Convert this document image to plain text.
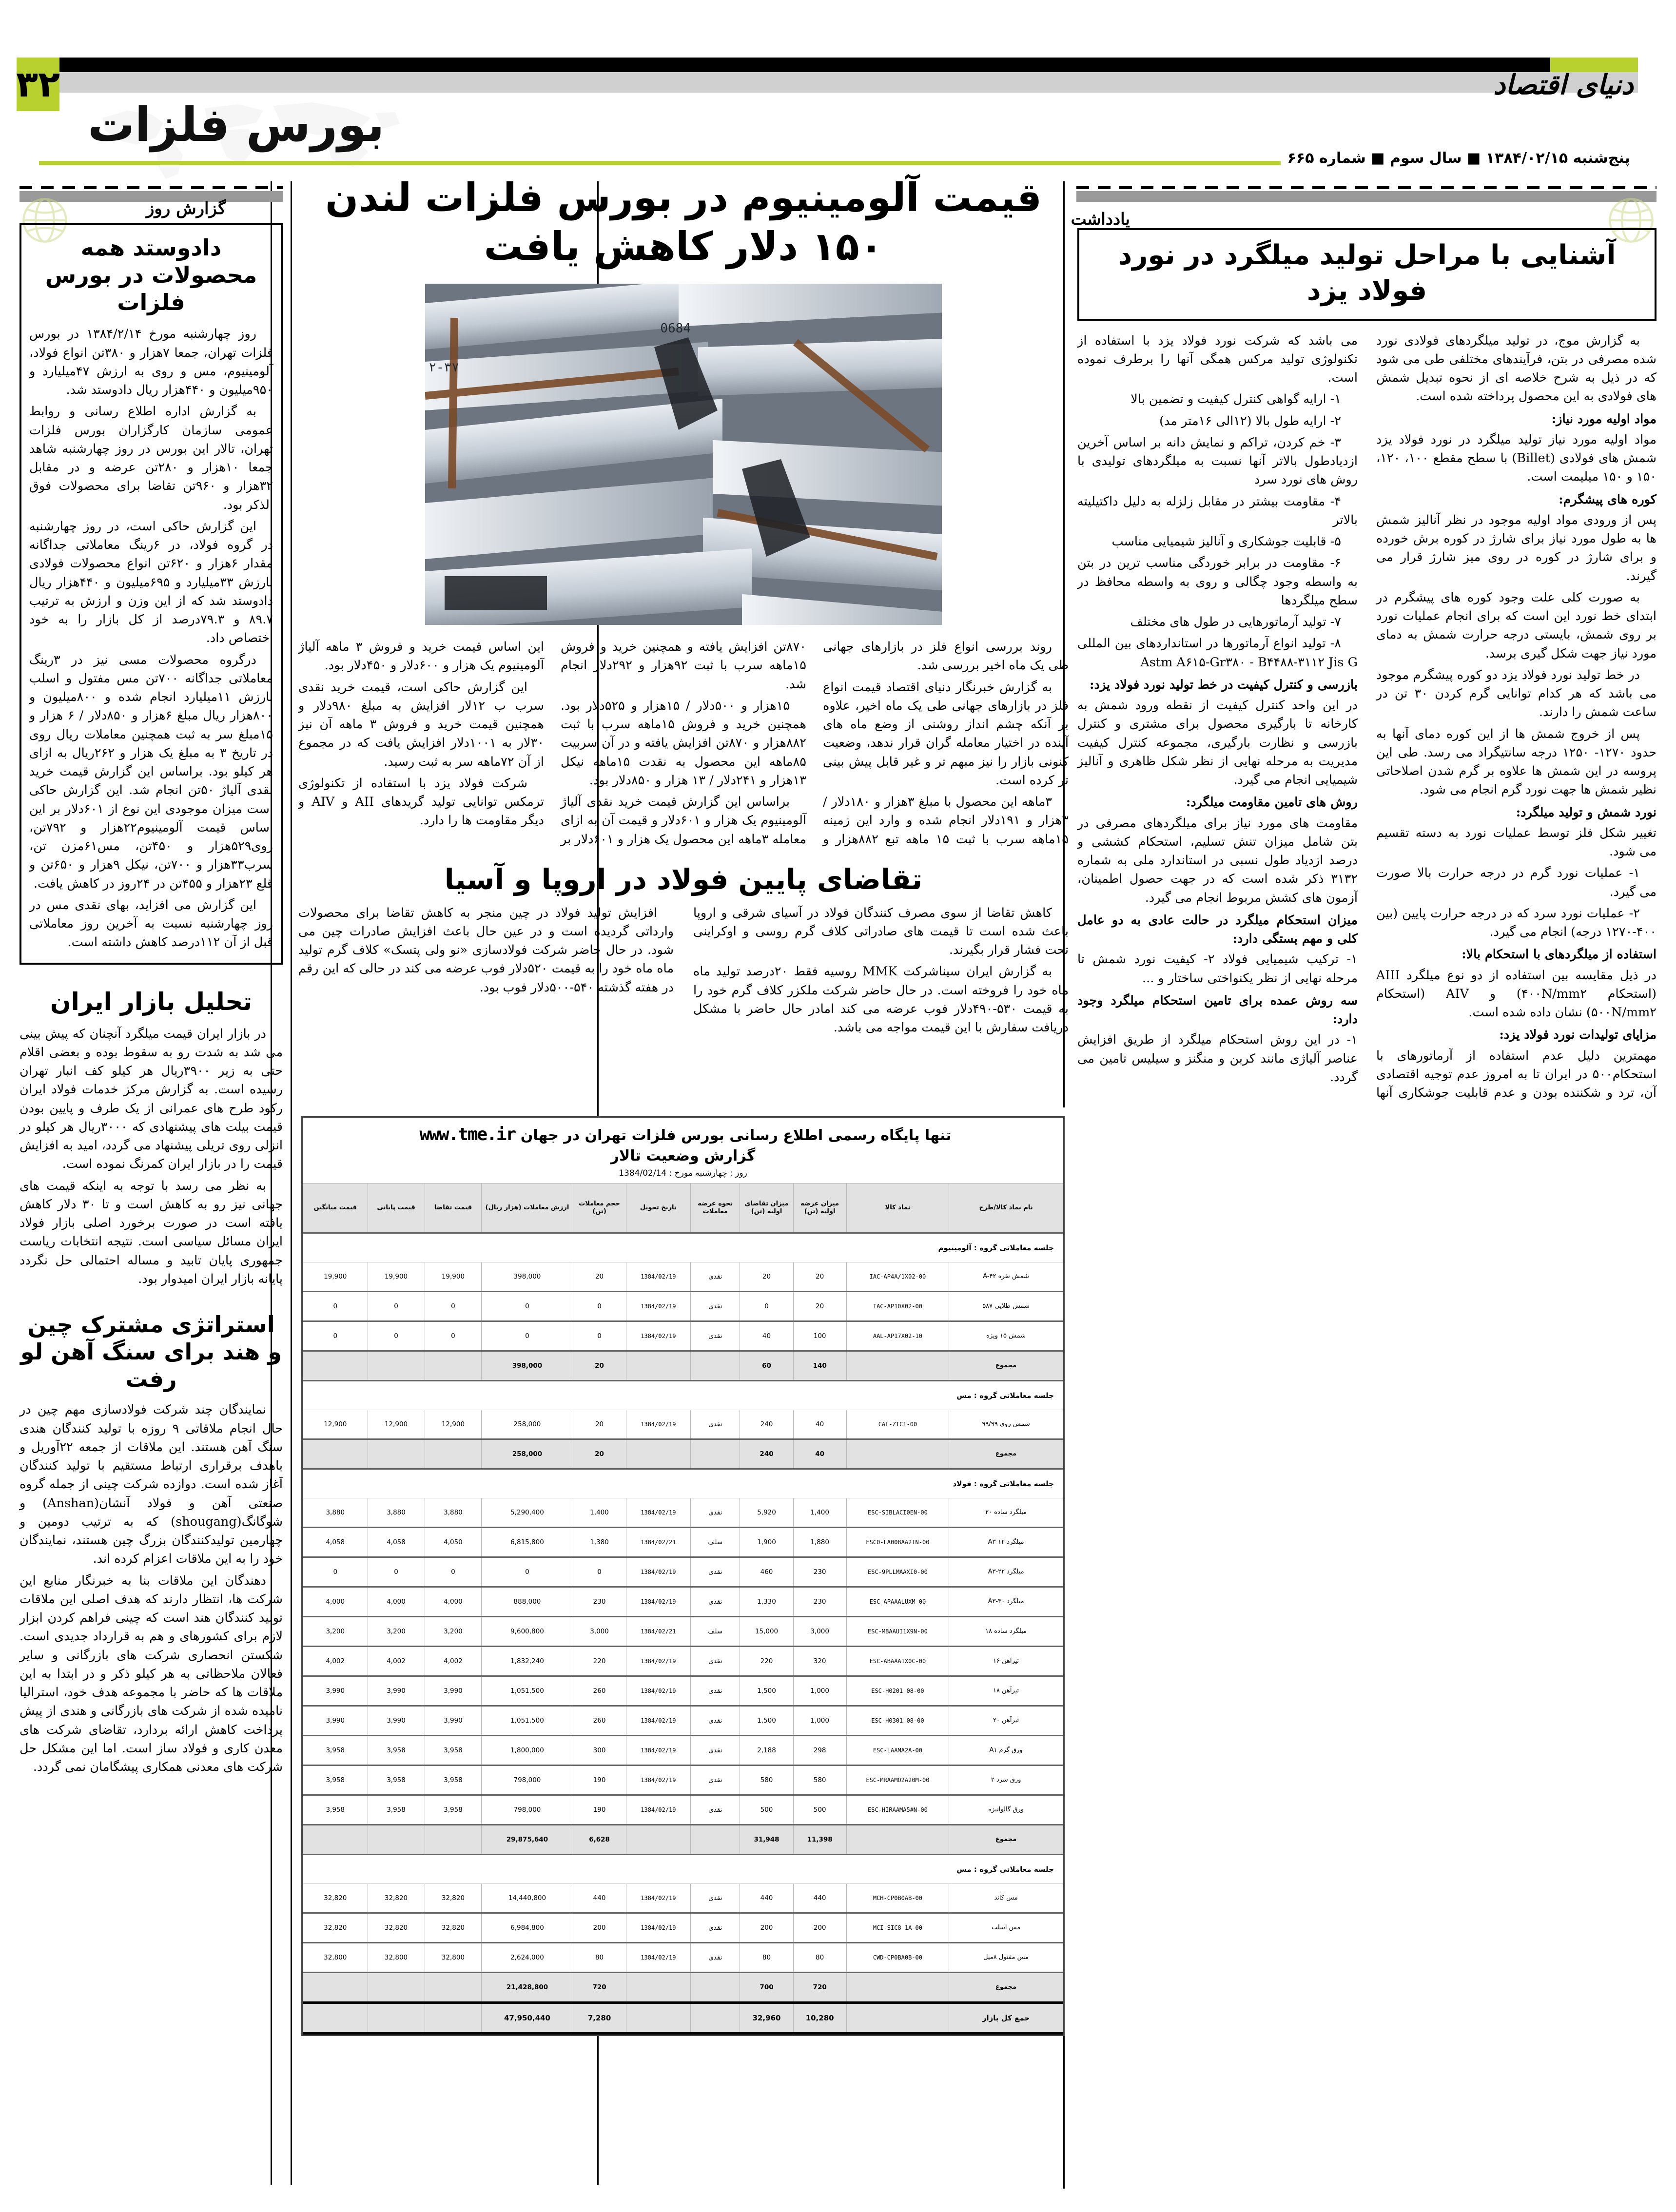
۳۲	دنیای اقتصاد
بورس فلزات
پنج‌شنبه ۱۳۸۴/۰۲/۱۵ ■ سال سوم ■ شماره ۶۶۵
گزارش روز
یادداشت
دادوستد همه محصولات در بورس فلزات

روز چهارشنبه مورخ ۱۳۸۴/۲/۱۴ در بورس فلزات تهران، جمعا ۷هزار و ۳۸۰تن انواع فولاد، آلومینیوم، مس و روی به ارزش ۴۷میلیارد و ۹۵۰میلیون و ۴۴۰هزار ریال دادوستد شد.

به گزارش اداره اطلاع رسانی و روابط عمومی سازمان کارگزاران بورس فلزات تهران، تالار این بورس در روز چهارشنبه شاهد جمعا ۱۰هزار و ۲۸۰تن عرضه و در مقابل ۳۲هزار و ۹۶۰تن تقاضا برای محصولات فوق الذکر بود.

این گزارش حاکی است، در روز چهارشنبه در گروه فولاد، در ۶رینگ معاملاتی جداگانه مقدار ۶هزار و ۶۲۰تن انواع محصولات فولادی بارزش ۳۳میلیارد و ۶۹۵میلیون و ۴۴۰هزار ریال دادوستد شد که از این وزن و ارزش به ترتیب ۸۹.۷ و ۷۹.۳درصد از کل بازار را به خود اختصاص داد.

درگروه محصولات مسی نیز در ۳رینگ معاملاتی جداگانه ۷۰۰تن مس مفتول و اسلب بارزش ۱۱میلیارد انجام شده و ۸۰۰میلیون و ۸۰۰هزار ریال مبلغ ۶هزار و ۸۵۰دلار / ۶ هزار و ۱۵مبلغ سر به ثبت همچنین معاملات ریال روی در تاریخ ۳ به مبلغ یک هزار و ۲۶۲ریال به ازای هر کیلو بود. براساس این گزارش قیمت خرید نقدی آلیاژ ۵۰تن انجام شد. این گزارش حاکی است میزان موجودی این نوع از ۶۰۱دلار بر این اساس قیمت آلومینیوم۲۲هزار و ۷۹۲تن، روی۵۲۹هزار و ۴۵۰تن، مس۶۱مزن تن، سرب۳۳هزار و ۷۰۰تن، نیکل ۹هزار و ۶۵۰تن و قلع ۲۳هزار و ۴۵۵تن در ۲۴روز در کاهش یافت.

این گزارش می افزاید، بهای نقدی مس در روز چهارشنبه نسبت به آخرین روز معاملاتی قبل از آن ۱۱۲درصد کاهش داشته است.

تحلیل بازار ایران

در بازار ایران قیمت میلگرد آنچنان که پیش بینی می شد به شدت رو به سقوط بوده و بعضی اقلام حتی به زیر ۳۹۰۰ریال هر کیلو کف انبار تهران رسیده است. به گزارش مرکز خدمات فولاد ایران رکود طرح های عمرانی از یک طرف و پایین بودن قیمت بیلت های پیشنهادی که ۳۰۰۰ریال هر کیلو در انزلی روی تریلی پیشنهاد می گردد، امید به افزایش قیمت را در بازار ایران کمرنگ نموده است.

به نظر می رسد با توجه به اینکه قیمت های جهانی نیز رو به کاهش است و تا ۳۰ دلار کاهش یافته است در صورت برخورد اصلی بازار فولاد ایران مسائل سیاسی است. نتیجه انتخابات ریاست جمهوری پایان تابید و مساله احتمالی حل نگردد پایانه بازار ایران امیدوار بود.

استراتژی مشترک چین و هند برای سنگ آهن لو رفت

نمایندگان چند شرکت فولادسازی مهم چین در حال انجام ملاقاتی ۹ روزه با تولید کنندگان هندی سنگ آهن هستند. این ملاقات از جمعه ۲۲آوریل و باهدف برقراری ارتباط مستقیم با تولید کنندگان آغاز شده است. دوازده شرکت چینی از جمله گروه صنعتی آهن و فولاد آنشان(Anshan) و شوگانگ(shougang) که به ترتیب دومین و چهارمین تولیدکنندگان بزرگ چین هستند، نمایندگان خود را به این ملاقات اعزام کرده اند.

دهندگان این ملاقات بنا به خبرنگار منابع این شرکت ها، انتظار دارند که هدف اصلی این ملاقات تولید کنندگان هند است که چینی فراهم کردن ابزار لازم برای کشورهای و هم به قرارداد جدیدی است. شکستن انحصاری شرکت های بازرگانی و سایر فعالان ملاحظاتی به هر کیلو ذکر و در ابتدا به این ملاقات ها که حاضر با مجموعه هدف خود، استرالیا نامیده شده از شرکت های بازرگانی و هندی از پیش پرداخت کاهش ارائه بردارد، تقاضای شرکت های معدن کاری و فولاد ساز است. اما این مشکل حل شرکت های معدنی همکاری پیشگامان نمی گردد.

قیمت آلومینیوم در بورس فلزات لندن ۱۵۰ دلار کاهش یافت
0684
۲-۳۷

روند بررسی انواع فلز در بازارهای جهانی طی یک ماه اخیر بررسی شد.

به گزارش خبرنگار دنیای اقتصاد قیمت انواع فلز در بازارهای جهانی طی یک ماه اخیر، علاوه بر آنکه چشم انداز روشنی از وضع ماه های آینده در اختیار معامله گران قرار ندهد، وضعیت کنونی بازار را نیز مبهم تر و غیر قابل پیش بینی تر کرده است.

۳ماهه این محصول با مبلغ ۳هزار و ۱۸۰دلار / ۳هزار و ۱۹۱دلار انجام شده و وارد این زمینه ۱۵ماهه سرب با ثبت ۱۵ ماهه تبع ۸۸۲هزار و ۸۷۰تن افزایش یافته و همچنین خرید و فروش ۱۵ماهه سرب با ثبت ۹۲هزار و ۲۹۲دلار انجام شد.

۱۵هزار و ۵۰۰دلار / ۱۵هزار و ۵۲۵دلار بود. همچنین خرید و فروش ۱۵ماهه سرب با ثبت ۸۸۲هزار و ۸۷۰تن افزایش یافته و در آن سربیت ۸۵ماهه این محصول به نقدت ۱۵ماهه نیکل ۱۳هزار و ۲۴۱دلار / ۱۳ هزار و ۸۵۰دلار بود.

براساس این گزارش قیمت خرید نقدی آلیاژ آلومینیوم یک هزار و ۶۰۱دلار و قیمت آن به ازای معامله ۳ماهه این محصول یک هزار و ۶۰۱دلار بر این اساس قیمت خرید و فروش ۳ ماهه آلیاژ آلومینیوم یک هزار و ۶۰۰دلار و ۴۵۰دلار بود.

این گزارش حاکی است، قیمت خرید نقدی سرب ب ۱۲لار افزایش به مبلغ ۹۸۰دلار و همچنین قیمت خرید و فروش ۳ ماهه آن نیز ۳۰لار به ۱۰۰۱دلار افزایش یافت که در مجموع از آن ۷۲ماهه سر به ثبت رسید.

شرکت فولاد یزد با استفاده از تکنولوژی ترمکس توانایی تولید گریدهای AII و AIV و دیگر مقاومت ها را دارد.

تقاضای پایین فولاد در اروپا و آسیا

کاهش تقاضا از سوی مصرف کنندگان فولاد در آسیای شرقی و اروپا باعث شده است تا قیمت های صادراتی کلاف گرم روسی و اوکراینی تحت فشار قرار بگیرند.

به گزارش ایران سیناشرکت MMK روسیه فقط ۲۰درصد تولید ماه ماه خود را فروخته است. در حال حاضر شرکت ملکزر کلاف گرم خود را به قیمت ۵۳۰-۴۹۰دلار فوب عرضه می کند امادر حال حاضر با مشکل دریافت سفارش با این قیمت مواجه می باشد.

افزایش تولید فولاد در چین منجر به کاهش تقاضا برای محصولات وارداتی گردیده است و در عین حال باعث افزایش صادرات چین می شود. در حال حاضر شرکت فولادسازی «نو ولی پتسک» کلاف گرم تولید ماه ماه خود را به قیمت ۵۲۰دلار فوب عرضه می کند در حالی که این رقم در هفته گذشته ۵۴۰-۵۰۰دلار فوب بود.

آشنایی با مراحل تولید میلگرد در نورد فولاد یزد

به گزارش موج، در تولید میلگردهای فولادی نورد شده مصرفی در بتن، فرآیندهای مختلفی طی می شود که در ذیل به شرح خلاصه ای از نحوه تبدیل شمش های فولادی به این محصول پرداخته شده است.

مواد اولیه مورد نیاز:
مواد اولیه مورد نیاز تولید میلگرد در نورد فولاد یزد شمش های فولادی (Billet) با سطح مقطع ۱۰۰، ۱۲۰، ۱۵۰ و ۱۵۰ میلیمت است.

کوره های پیشگرم:
پس از ورودی مواد اولیه موجود در نظر آنالیز شمش ها به طول مورد نیاز برای شارژ در کوره برش خورده و برای شارژ در کوره در روی میز شارژ قرار می گیرند.

به صورت کلی علت وجود کوره های پیشگرم در ابتدای خط نورد این است که برای انجام عملیات نورد بر روی شمش، بایستی درجه حرارت شمش به دمای مورد نیاز جهت شکل گیری برسد.

در خط تولید نورد فولاد یزد دو کوره پیشگرم موجود می باشد که هر کدام توانایی گرم کردن ۳۰ تن در ساعت شمش را دارند.

پس از خروج شمش ها از این کوره دمای آنها به حدود ۱۲۷۰- ۱۲۵۰ درجه سانتیگراد می رسد. طی این پروسه در این شمش ها علاوه بر گرم شدن اصلاحاتی نظیر شمش ها جهت نورد گرم انجام می شود.

نورد شمش و تولید میلگرد:
تغییر شکل فلز توسط عملیات نورد به دسته تقسیم می شود.

۱- عملیات نورد گرم در درجه حرارت بالا صورت می گیرد.

۲- عملیات نورد سرد که در درجه حرارت پایین (بین ۴۰۰-۱۲۷۰ درجه) انجام می گیرد.

استفاده از میلگردهای با استحکام بالا:
در ذیل مقایسه بین استفاده از دو نوع میلگرد AIII (استحکام ۴۰۰N/mm۲) و AIV (استحکام ۵۰۰N/mm۲) نشان داده شده است.

مزایای تولیدات نورد فولاد یزد:
مهمترین دلیل عدم استفاده از آرماتورهای با استحکام۵۰۰ در ایران تا به امروز عدم توجیه اقتصادی آن، ترد و شکننده بودن و عدم قابلیت جوشکاری آنها می باشد که شرکت نورد فولاد یزد با استفاده از تکنولوژی تولید مرکس همگی آنها را برطرف نموده است.

۱- ارایه گواهی کنترل کیفیت و تضمین بالا

۲- ارایه طول بالا (۱۲الی ۱۶متر مد)

۳- خم کردن، تراکم و نمایش دانه بر اساس آخرین ازدیادطول بالاتر آنها نسبت به میلگردهای تولیدی با روش های نورد سرد

۴- مقاومت بیشتر در مقابل زلزله به دلیل داکتیلیته بالاتر

۵- قابلیت جوشکاری و آنالیز شیمیایی مناسب

۶- مقاومت در برابر خوردگی مناسب ترین در بتن به واسطه وجود چگالی و روی به واسطه محافظ در سطح میلگردها

۷- تولید آرماتورهایی در طول های مختلف

۸- تولید انواع آرماتورها در استانداردهای بین المللی Astm A۶۱۵-Gr۳۸۰ - B۴۴۸۸-۳۱۱۲ Jis G

بازرسی و کنترل کیفیت در خط تولید نورد فولاد یزد:
در این واحد کنترل کیفیت از نقطه ورود شمش به کارخانه تا بارگیری محصول برای مشتری و کنترل بازرسی و نظارت بارگیری، مجموعه کنترل کیفیت مدیریت به مرحله نهایی از نظر شکل ظاهری و آنالیز شیمیایی انجام می گیرد.

روش های تامین مقاومت میلگرد:
مقاومت های مورد نیاز برای میلگردهای مصرفی در بتن شامل میزان تنش تسلیم، استحکام کششی و درصد ازدیاد طول نسبی در استاندارد ملی به شماره ۳۱۳۲ ذکر شده است که در جهت حصول اطمینان، آزمون های کشش مربوط انجام می گیرد.

میزان استحکام میلگرد در حالت عادی به دو عامل کلی و مهم بستگی دارد:
۱- ترکیب شیمیایی فولاد ۲- کیفیت نورد شمش تا مرحله نهایی از نظر یکنواختی ساختار و ...

سه روش عمده برای تامین استحکام میلگرد وجود دارد:
۱- در این روش استحکام میلگرد از طریق افزایش عناصر آلیاژی مانند کربن و منگنز و سیلیس تامین می گردد.

تنها پایگاه رسمی اطلاع رسانی بورس فلزات تهران در جهان www.tme.ir
گزارش وضعیت تالار
روز : چهارشنبه مورخ : 1384/02/14
نام نماد کالا/طرح	نماد کالا	میزان عرضه اولیه (تن)	میزان تقاضای اولیه (تن)	نحوه عرضه معاملات	تاریخ تحویل	حجم معاملات (تن)	ارزش معاملات (هزار ریال)	قیمت تقاضا	قیمت پایانی	قیمت میانگین
جلسه معاملاتی گروه : آلومینیوم										
شمش نقره A-۴۲	IAC-AP4A/1X02-00	20	20	نقدی	1384/02/19	20	398,000	19,900	19,900	19,900
شمش طلایی ۵۸۷	IAC-AP10X02-00	20	0	نقدی	1384/02/19	0	0	0	0	0
شمش ۱۵ ویژه	AAL-AP17X02-10	100	40	نقدی	1384/02/19	0	0	0	0	0
مجموع		140	60			20	398,000			
جلسه معاملاتی گروه : مس										
شمش روی ۹۹/۹۹	CAL-ZIC1-00	40	240	نقدی	1384/02/19	20	258,000	12,900	12,900	12,900
مجموع		40	240			20	258,000			
جلسه معاملاتی گروه : فولاد										
میلگرد ساده ۲۰	ESC-SIBLACI0EN-00	1,400	5,920	نقدی	1384/02/19	1,400	5,290,400	3,880	3,880	3,880
میلگرد A۳-۱۲	ESC0-LA008AA2IN-00	1,880	1,900	سلف	1384/02/21	1,380	6,815,800	4,050	4,058	4,058
میلگرد A۳-۲۲	ESC-9PLLMAAXI0-00	230	460	نقدی	1384/02/19	0	0	0	0	0
میلگرد A۳-۳۰	ESC-APAAALUXM-00	230	1,330	نقدی	1384/02/19	230	888,000	4,000	4,000	4,000
میلگرد ساده ۱۸	ESC-MBAAUI1X9N-00	3,000	15,000	سلف	1384/02/21	3,000	9,600,800	3,200	3,200	3,200
تیرآهن ۱۶	ESC-ABAAA1X0C-00	320	220	نقدی	1384/02/19	220	1,832,240	4,002	4,002	4,002
تیرآهن ۱۸	ESC-H0201 08-00	1,000	1,500	نقدی	1384/02/19	260	1,051,500	3,990	3,990	3,990
تیرآهن ۲۰	ESC-H0301 08-00	1,000	1,500	نقدی	1384/02/19	260	1,051,500	3,990	3,990	3,990
ورق گرم A۱	ESC-LAAMA2A-00	298	2,188	نقدی	1384/02/19	300	1,800,000	3,958	3,958	3,958
ورق سرد ۲	ESC-MRAAMO2A20M-00	580	580	نقدی	1384/02/19	190	798,000	3,958	3,958	3,958
ورق گالوانیزه	ESC-HIRAAMA5#N-00	500	500	نقدی	1384/02/19	190	798,000	3,958	3,958	3,958
مجموع		11,398	31,948			6,628	29,875,640			
جلسه معاملاتی گروه : مس										
مس کاتد	MCH-CP0B0AB-00	440	440	نقدی	1384/02/19	440	14,440,800	32,820	32,820	32,820
مس اسلب	MCI-SIC8 1A-00	200	200	نقدی	1384/02/19	200	6,984,800	32,820	32,820	32,820
مس مفتول ۸میل	CWD-CP0BA0B-00	80	80	نقدی	1384/02/19	80	2,624,000	32,800	32,800	32,800
مجموع		720	700			720	21,428,800			
جمع کل بازار		10,280	32,960			7,280	47,950,440			
